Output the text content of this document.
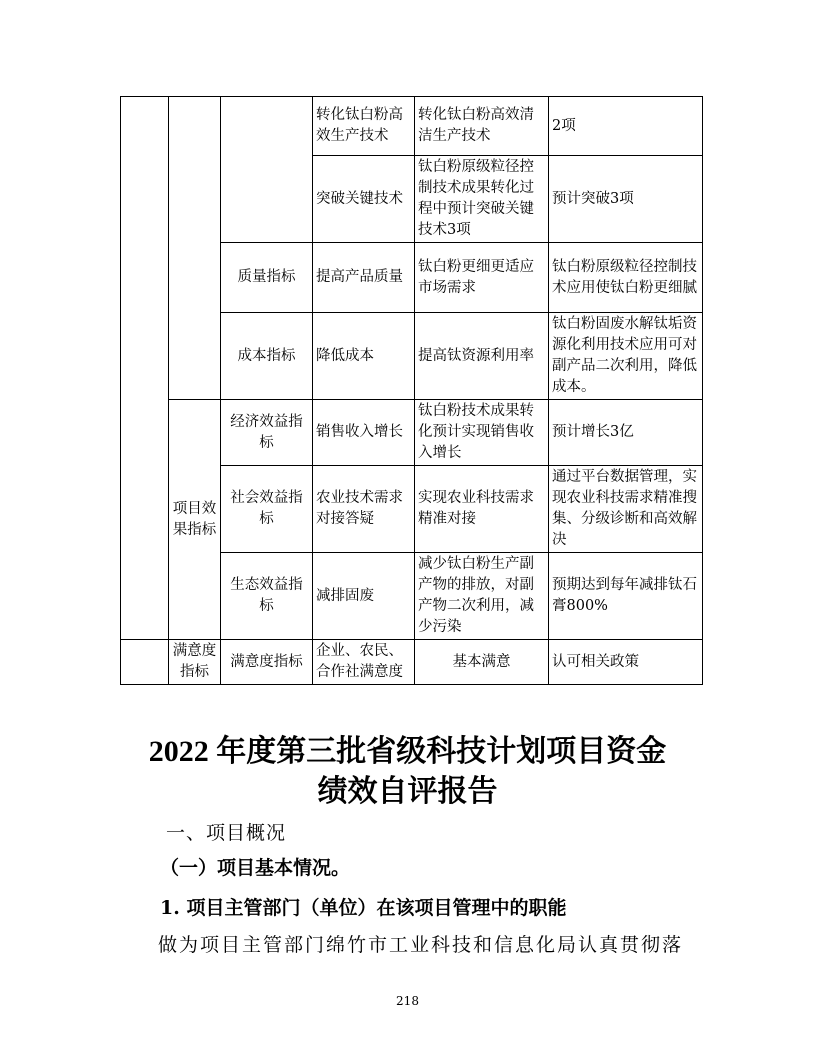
			转化钛白粉高效生产技术	转化钛白粉高效清洁生产技术	2项
			突破关键技术	钛白粉原级粒径控制技术成果转化过程中预计突破关键技术3项	预计突破3项
		质量指标	提高产品质量	钛白粉更细更适应市场需求	钛白粉原级粒径控制技术应用使钛白粉更细腻
		成本指标	降低成本	提高钛资源利用率	钛白粉固废水解钛垢资源化利用技术应用可对副产品二次利用，降低成本。
	项目效果指标	经济效益指标	销售收入增长	钛白粉技术成果转化预计实现销售收入增长	预计增长3亿
		社会效益指标	农业技术需求对接答疑	实现农业科技需求精准对接	通过平台数据管理，实现农业科技需求精准搜集、分级诊断和高效解决
		生态效益指标	减排固废	减少钛白粉生产副产物的排放，对副产物二次利用，减少污染	预期达到每年减排钛石膏800%
	满意度指标	满意度指标	企业、农民、合作社满意度	基本满意	认可相关政策
2022 年度第三批省级科技计划项目资金
绩效自评报告

一、项目概况

（一）项目基本情况。

1. 项目主管部门（单位）在该项目管理中的职能

做为项目主管部门绵竹市工业科技和信息化局认真贯彻落

218
